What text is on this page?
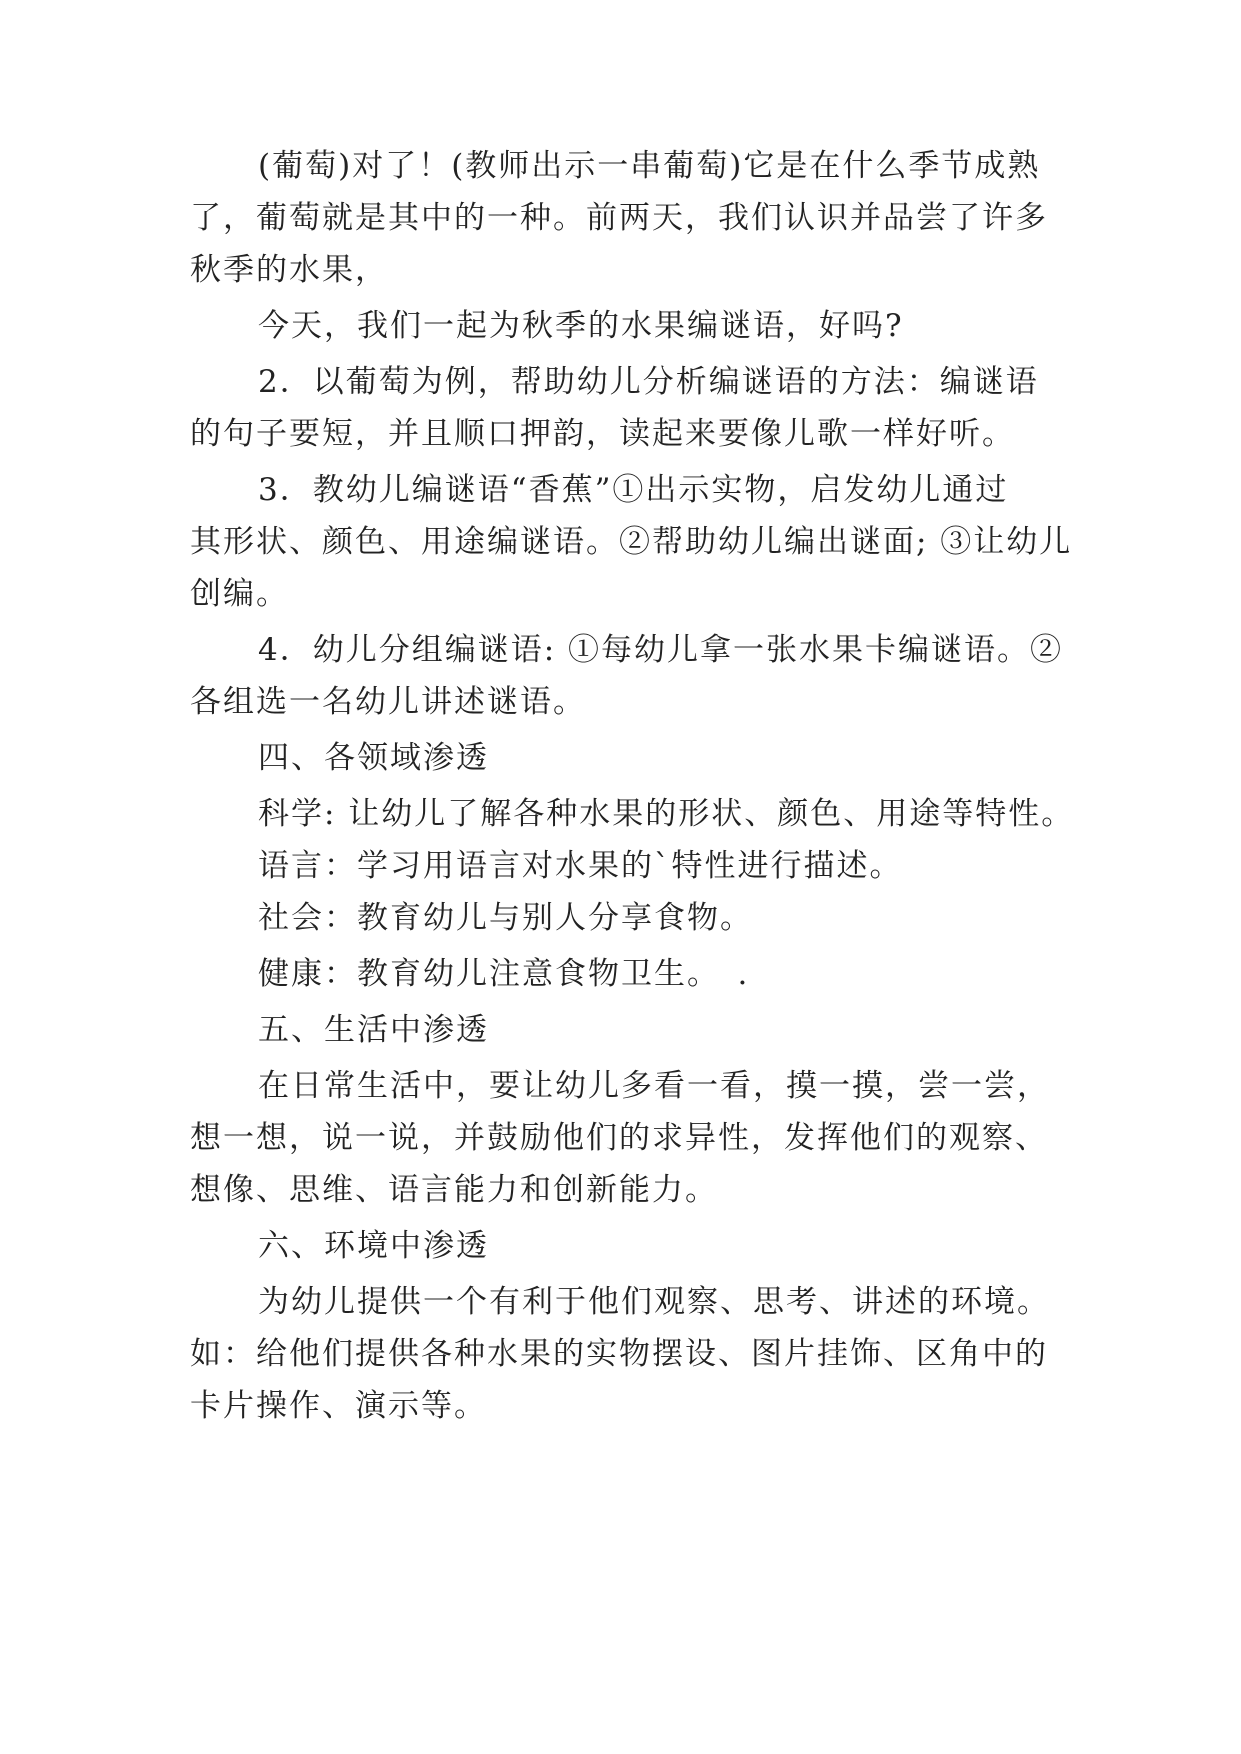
(葡萄)对了！(教师出示一串葡萄)它是在什么季节成熟
了，葡萄就是其中的一种。前两天，我们认识并品尝了许多
秋季的水果，
今天，我们一起为秋季的水果编谜语，好吗?
2．以葡萄为例，帮助幼儿分析编谜语的方法：编谜语
的句子要短，并且顺口押韵，读起来要像儿歌一样好听。
3．教幼儿编谜语“香蕉”①出示实物，启发幼儿通过
其形状、颜色、用途编谜语。②帮助幼儿编出谜面; ③让幼儿
创编。
4．幼儿分组编谜语: ①每幼儿拿一张水果卡编谜语。②
各组选一名幼儿讲述谜语。
四、各领域渗透
科学: 让幼儿了解各种水果的形状、颜色、用途等特性。
语言：学习用语言对水果的`特性进行描述。
社会：教育幼儿与别人分享食物。
健康：教育幼儿注意食物卫生。　.
五、生活中渗透
在日常生活中，要让幼儿多看一看，摸一摸，尝一尝，
想一想，说一说，并鼓励他们的求异性，发挥他们的观察、
想像、思维、语言能力和创新能力。
六、环境中渗透
为幼儿提供一个有利于他们观察、思考、讲述的环境。
如：给他们提供各种水果的实物摆设、图片挂饰、区角中的
卡片操作、演示等。
